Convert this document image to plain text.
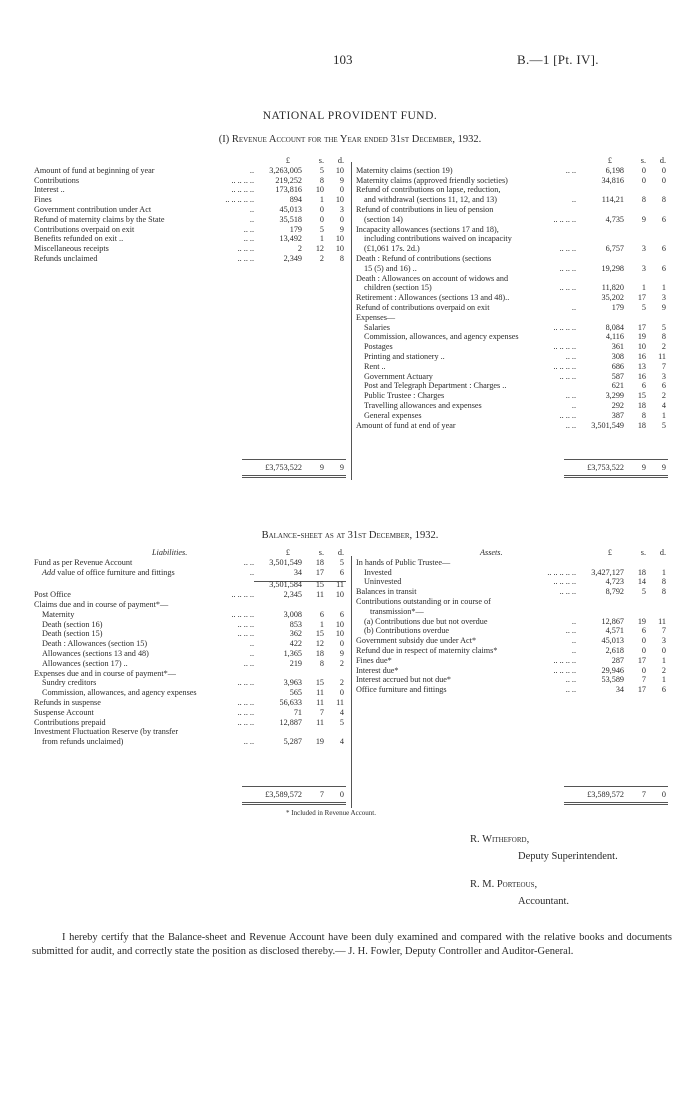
103	B.—1 [Pt. IV].
NATIONAL PROVIDENT FUND.
(I) Revenue Account for the Year ended 31st December, 1932.
£	s.	d.
Amount of fund at beginning of year	..	3,263,005	5	10
Contributions	.. .. .. ..	219,252	8	9
Interest ..	.. .. .. ..	173,816	10	0
Fines	.. .. .. .. ..	894	1	10
Government contribution under Act	..	45,013	0	3
Refund of maternity claims by the State	..	35,518	0	0
Contributions overpaid on exit	.. ..	179	5	9
Benefits refunded on exit ..	.. ..	13,492	1	10
Miscellaneous receipts	.. .. ..	2	12	10
Refunds unclaimed	.. .. ..	2,349	2	8
£3,753,522	9	9
£	s.	d.
Maternity claims (section 19)	.. ..	6,198	0	0
Maternity claims (approved friendly societies)	34,816	0	0
Refund of contributions on lapse, reduction,
and withdrawal (sections 11, 12, and 13)	..	114,21	8	8
Refund of contributions in lieu of pension
(section 14)	.. .. .. ..	4,735	9	6
Incapacity allowances (sections 17 and 18),
including contributions waived on incapacity
(£1,061 17s. 2d.)	.. .. ..	6,757	3	6
Death : Refund of contributions (sections
15 (5) and 16) ..	.. .. ..	19,298	3	6
Death : Allowances on account of widows and
children (section 15)	.. .. ..	11,820	1	1
Retirement : Allowances (sections 13 and 48)..	35,202	17	3
Refund of contributions overpaid on exit	..	179	5	9
Expenses—
Salaries	.. .. .. ..	8,084	17	5
Commission, allowances, and agency expenses	4,116	19	8
Postages	.. .. .. ..	361	10	2
Printing and stationery ..	.. ..	308	16	11
Rent ..	.. .. .. ..	686	13	7
Government Actuary	.. .. ..	587	16	3
Post and Telegraph Department : Charges ..	621	6	6
Public Trustee : Charges	.. ..	3,299	15	2
Travelling allowances and expenses	..	292	18	4
General expenses	.. .. ..	387	8	1
Amount of fund at end of year	.. ..	3,501,549	18	5
£3,753,522	9	9
Balance-sheet as at 31st December, 1932.
Liabilities.	£	s.	d.
Fund as per Revenue Account	.. ..	3,501,549	18	5
Add value of office furniture and fittings	..	34	17	6
3,501,584	15	11
Post Office	.. .. .. ..	2,345	11	10
Claims due and in course of payment*—
Maternity	.. .. .. ..	3,008	6	6
Death (section 16)	.. .. ..	853	1	10
Death (section 15)	.. .. ..	362	15	10
Death : Allowances (section 15)	..	422	12	0
Allowances (sections 13 and 48)	..	1,365	18	9
Allowances (section 17) ..	.. ..	219	8	2
Expenses due and in course of payment*—
Sundry creditors	.. .. ..	3,963	15	2
Commission, allowances, and agency expenses	565	11	0
Refunds in suspense	.. .. ..	56,633	11	11
Suspense Account	.. .. ..	71	7	4
Contributions prepaid	.. .. ..	12,887	11	5
Investment Fluctuation Reserve (by transfer
from refunds unclaimed)	.. ..	5,287	19	4
£3,589,572	7	0
Assets.	£	s.	d.
In hands of Public Trustee—
Invested	.. .. .. .. ..	3,427,127	18	1
Uninvested	.. .. .. ..	4,723	14	8
Balances in transit	.. .. ..	8,792	5	8
Contributions outstanding or in course of
transmission*—
(a) Contributions due but not overdue	..	12,867	19	11
(b) Contributions overdue	.. ..	4,571	6	7
Government subsidy due under Act*	..	45,013	0	3
Refund due in respect of maternity claims*	..	2,618	0	0
Fines due*	.. .. .. ..	287	17	1
Interest due*	.. .. .. ..	29,946	0	2
Interest accrued but not due*	.. ..	53,589	7	1
Office furniture and fittings	.. ..	34	17	6
£3,589,572	7	0
* Included in Revenue Account.
R. Witheford,
Deputy Superintendent.
R. M. Porteous,
Accountant.
I hereby certify that the Balance-sheet and Revenue Account have been duly examined and compared with the relative books and documents submitted for audit, and correctly state the position as disclosed thereby.— J. H. Fowler, Deputy Controller and Auditor-General.
